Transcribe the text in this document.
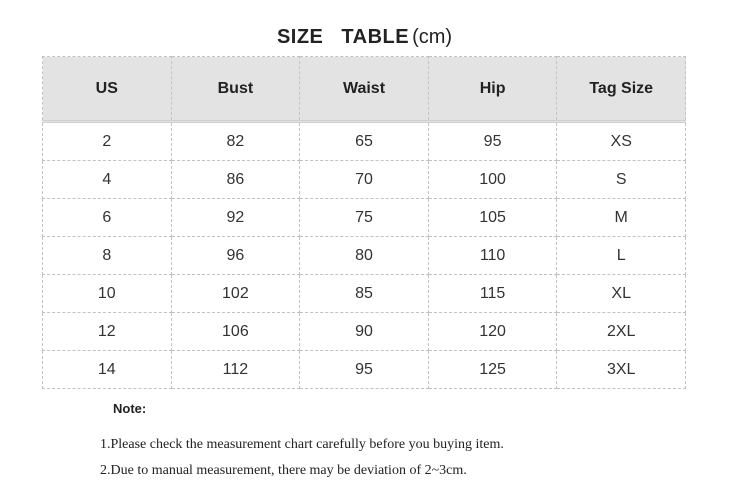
SIZE TABLE (cm)
US	Bust	Waist	Hip	Tag Size
2	82	65	95	XS
4	86	70	100	S
6	92	75	105	M
8	96	80	110	L
10	102	85	115	XL
12	106	90	120	2XL
14	112	95	125	3XL
Note:
1.Please check the measurement chart carefully before you buying item.
2.Due to manual measurement, there may be deviation of 2~3cm.
